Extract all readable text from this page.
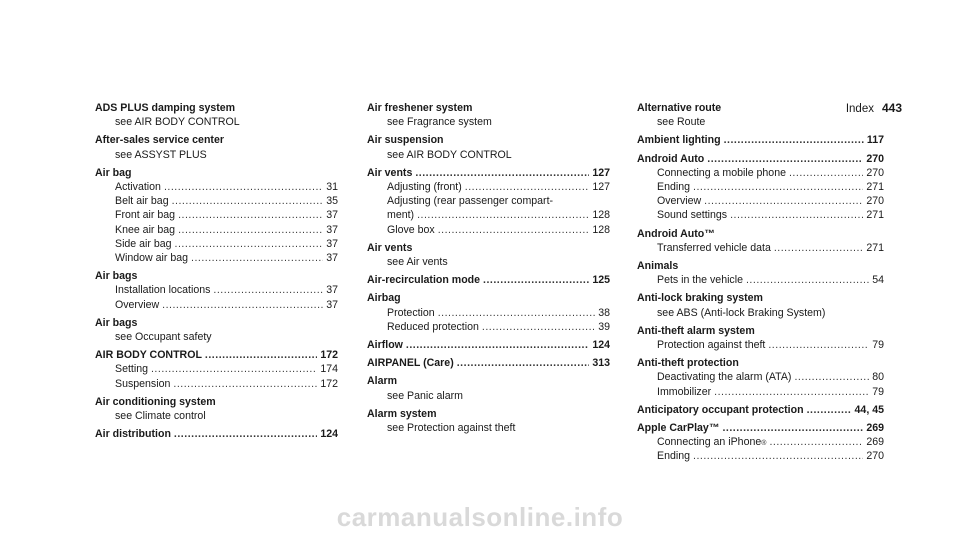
Index 443
ADS PLUS damping system
see AIR BODY CONTROL
After-sales service center
see ASSYST PLUS
Air bag
Activation .....	31
Belt air bag .....	35
Front air bag .....	37
Knee air bag .....	37
Side air bag .....	37
Window air bag .....	37
Air bags
Installation locations .....	37
Overview .....	37
Air bags
see Occupant safety
AIR BODY CONTROL .....	172
Setting .....	174
Suspension .....	172
Air conditioning system
see Climate control
Air distribution .....	124
Air freshener system
see Fragrance system
Air suspension
see AIR BODY CONTROL
Air vents .....	127
Adjusting (front) .....	127
Adjusting (rear passenger compart-
ment) .....	128
Glove box .....	128
Air vents
see Air vents
Air-recirculation mode .....	125
Airbag
Protection .....	38
Reduced protection .....	39
Airflow .....	124
AIRPANEL (Care) .....	313
Alarm
see Panic alarm
Alarm system
see Protection against theft
Alternative route
see Route
Ambient lighting .....	117
Android Auto .....	270
Connecting a mobile phone .....	270
Ending .....	271
Overview .....	270
Sound settings .....	271
Android Auto™
Transferred vehicle data .....	271
Animals
Pets in the vehicle .....	54
Anti-lock braking system
see ABS (Anti-lock Braking System)
Anti-theft alarm system
Protection against theft .....	79
Anti-theft protection
Deactivating the alarm (ATA) .....	80
Immobilizer .....	79
Anticipatory occupant protection .....	44, 45
Apple CarPlay™ .....	269
Connecting an iPhone ® .....	269
Ending .....	270
carmanualsonline.info
